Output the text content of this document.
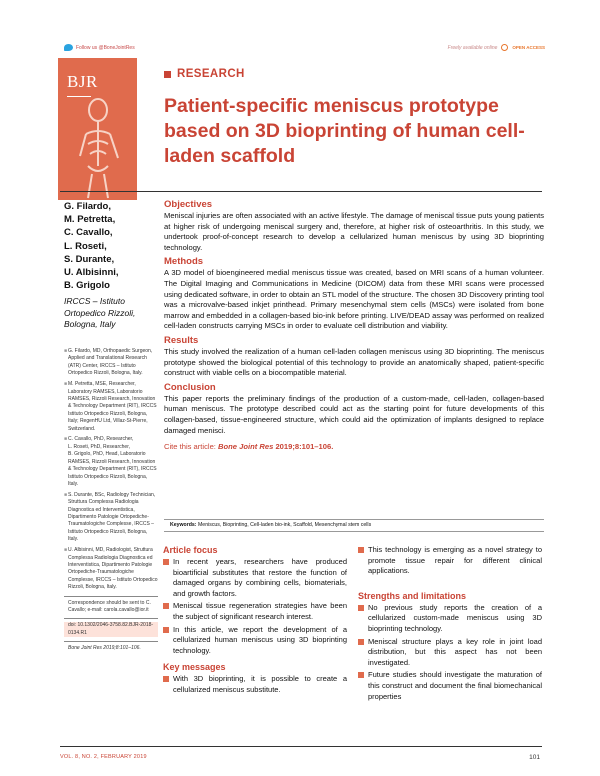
Follow us @BoneJointRes	Freely available online	OPEN ACCESS
BJR	RESEARCH
Patient-specific meniscus prototype based on 3D bioprinting of human cell-laden scaffold
G. Filardo,
M. Petretta,
C. Cavallo,
L. Roseti,
S. Durante,
U. Albisinni,
B. Grigolo
IRCCS – Istituto Ortopedico Rizzoli, Bologna, Italy

■ G. Filardo, MD, Orthopaedic Surgeon, Applied and Translational Research (ATR) Center, IRCCS – Istituto Ortopedico Rizzoli, Bologna, Italy.

■ M. Petretta, MSE, Researcher, Laboratory RAMSES, Laboratorio RAMSES, Rizzoli Research, Innovation & Technology Department (RIT), IRCCS Istituto Ortopedico Rizzoli, Bologna, Italy; RegenHU Ltd, Villaz-St-Pierre, Switzerland.

■ C. Cavallo, PhD, Researcher,
L. Roseti, PhD, Researcher,
B. Grigolo, PhD, Head, Laboratorio RAMSES, Rizzoli Research, Innovation & Technology Department (RIT), IRCCS Istituto Ortopedico Rizzoli, Bologna, Italy.

■ S. Durante, BSc, Radiology Technician, Struttura Complessa Radiologia Diagnostica ed Interventistica, Dipartimento Patologie Ortopediche-Traumatologiche Complesse, IRCCS – Istituto Ortopedico Rizzoli, Bologna, Italy.

■ U. Albisinni, MD, Radiologist, Struttura Complessa Radiologia Diagnostica ed Interventistica, Dipartimento Patologie Ortopediche-Traumatologiche Complesse, IRCCS – Istituto Ortopedico Rizzoli, Bologna, Italy.

Correspondence should be sent to C. Cavallo; e-mail: carola.cavallo@ior.it

doi: 10.1302/2046-3758.82.BJR-2018-0134.R1

Bone Joint Res 2019;8:101–106.

Objectives

Meniscal injuries are often associated with an active lifestyle. The damage of meniscal tissue puts young patients at higher risk of undergoing meniscal surgery and, therefore, at higher risk of osteoarthritis. In this study, we undertook proof-of-concept research to develop a cellularized human meniscus by using 3D bioprinting technology.

Methods

A 3D model of bioengineered medial meniscus tissue was created, based on MRI scans of a human volunteer. The Digital Imaging and Communications in Medicine (DICOM) data from these MRI scans were processed using dedicated software, in order to obtain an STL model of the structure. The chosen 3D Discovery printing tool was a microvalve-based inkjet printhead. Primary mesenchymal stem cells (MSCs) were isolated from bone marrow and embedded in a collagen-based bio-ink before printing. LIVE/DEAD assay was performed on realized cell-laden constructs carrying MSCs in order to evaluate cell distribution and viability.

Results

This study involved the realization of a human cell-laden collagen meniscus using 3D bioprinting. The meniscus prototype showed the biological potential of this technology to provide an anatomically shaped, patient-specific construct with viable cells on a biocompatible material.

Conclusion

This paper reports the preliminary findings of the production of a custom-made, cell-laden, collagen-based human meniscus. The prototype described could act as the starting point for future developments of this collagen-based, tissue-engineered structure, which could aid the optimization of implants designed to replace damaged menisci.

Cite this article: Bone Joint Res 2019;8:101–106.
Keywords: Meniscus, Bioprinting, Cell-laden bio-ink, Scaffold, Mesenchymal stem cells
Article focus
In recent years, researchers have produced bioartificial substitutes that restore the function of damaged organs by combining cells, biomaterials, and growth factors.
Meniscal tissue regeneration strategies have been the subject of significant research interest.
In this article, we report the development of a cellularized human meniscus using 3D bioprinting technology.
Key messages
With 3D bioprinting, it is possible to create a cellularized meniscus substitute.
This technology is emerging as a novel strategy to promote tissue repair for different clinical applications.
Strengths and limitations
No previous study reports the creation of a cellularized custom-made meniscus using 3D bioprinting technology.
Meniscal structure plays a key role in joint load distribution, but this aspect has not been investigated.
Future studies should investigate the maturation of this construct and document the final biomechanical properties
VOL. 8, NO. 2, FEBRUARY 2019	101
